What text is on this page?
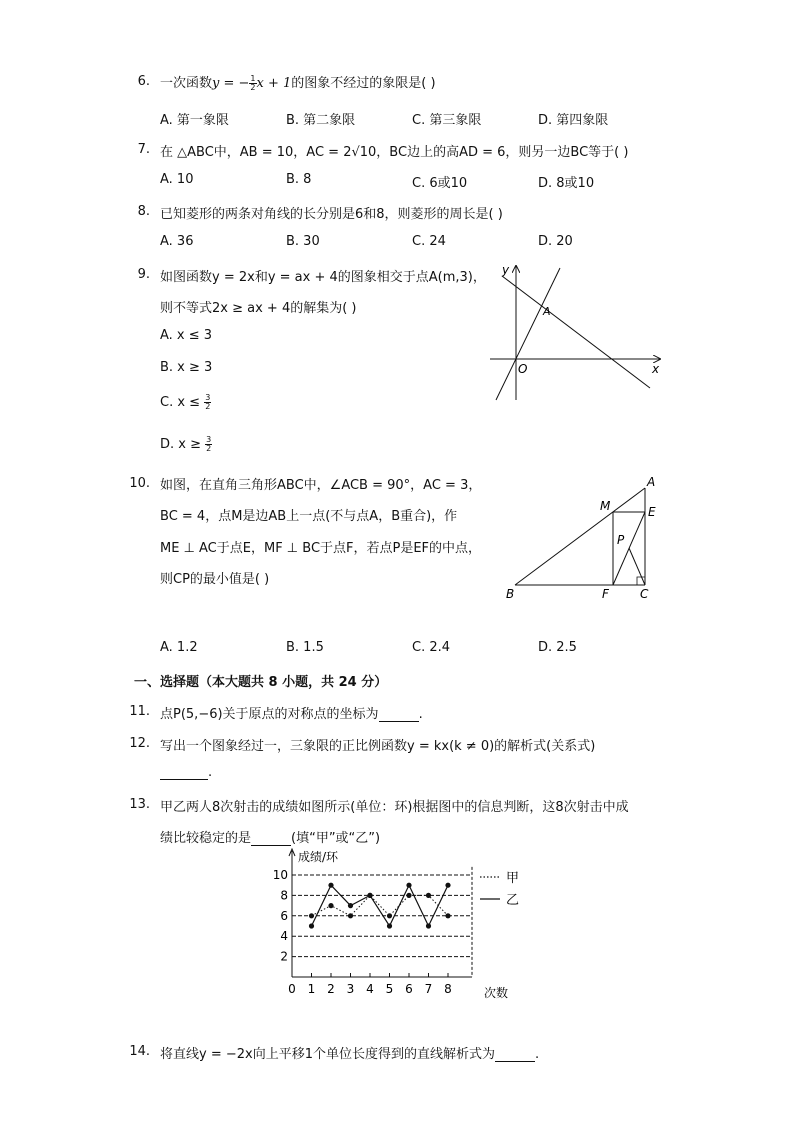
6. 一次函数y = − $\frac{1}{2}$ x + 1的图象不经过的象限是( )
A. 第一象限	B. 第二象限	C. 第三象限	D. 第四象限
7. 在 △ABC中，AB = 10，AC = 2√10，BC边上的高AD = 6，则另一边BC等于( )
A. 10	B. 8	C. 6或10	D. 8或10
8. 已知菱形的两条对角线的长分别是6和8，则菱形的周长是( )
A. 36	B. 30	C. 24	D. 20
9. 如图函数y = 2x和y = ax + 4的图象相交于点A(m,3)，
则不等式2x ≥ ax + 4的解集为( )
A. x ≤ 3
B. x ≥ 3
C. $x \le \frac{3}{2}$
D. $x \ge \frac{3}{2}$
y
x
O
A
10. 如图，在直角三角形ABC中，∠ACB = 90°，AC = 3，
BC = 4，点M是边AB上一点(不与点A，B重合)，作
ME ⊥ AC于点E，MF ⊥ BC于点F，若点P是EF的中点，
则CP的最小值是( )
A. 1.2	B. 1.5	C. 2.4	D. 2.5
A
B	C
M	E
F
P
一、选择题（本大题共 8 小题，共 24 分）
11. 点P(5,−6)关于原点的对称点的坐标为	.
12. 写出一个图象经过一，三象限的正比例函数y = kx(k ≠ 0)的解析式(关系式)
.
13. 甲乙两人8次射击的成绩如图所示(单位：环)根据图中的信息判断，这8次射击中成
绩比较稳定的是	(填“甲”或“乙”)
2
4
6
8
10
0 1 2 3 4 5 6 7 8
成绩/环
次数
甲
乙
14. 将直线y = −2x向上平移1个单位长度得到的直线解析式为	.
